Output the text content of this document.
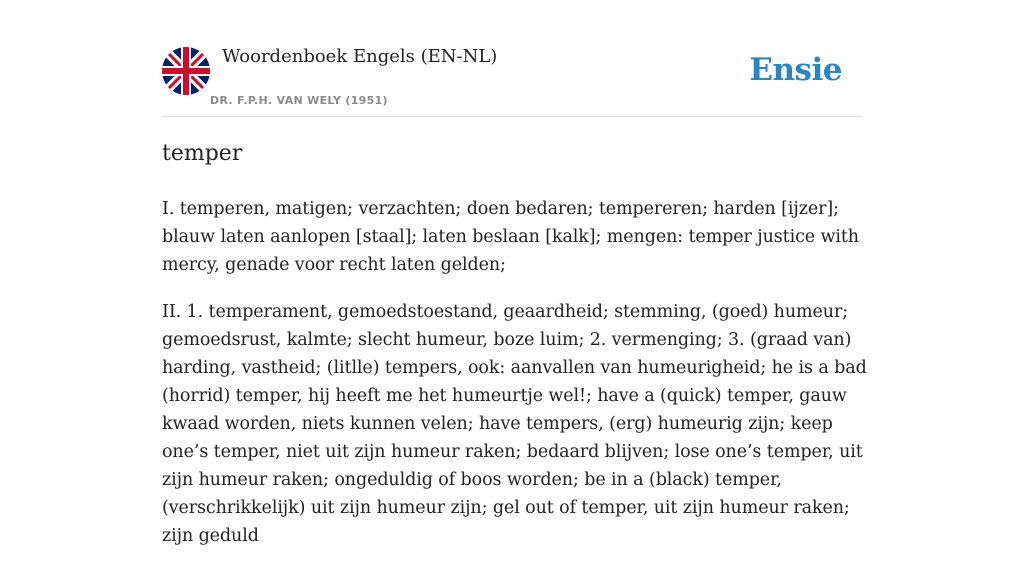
Woordenboek Engels (EN-NL)
DR. F.P.H. VAN WELY (1951)
Ensie
temper

I. temperen, matigen; verzachten; doen bedaren; tempereren; harden [ijzer]; blauw laten aanlopen [staal]; laten beslaan [kalk]; mengen: temper justice with mercy, genade voor recht laten gelden;

II. 1. temperament, gemoedstoestand, geaardheid; stemming, (goed) humeur; gemoedsrust, kalmte; slecht humeur, boze luim; 2. vermenging; 3. (graad van) harding, vastheid; (litlle) tempers, ook: aanvallen van humeurigheid; he is a bad (horrid) temper, hij heeft me het humeurtje wel!; have a (quick) temper, gauw kwaad worden, niets kunnen velen; have tempers, (erg) humeurig zijn; keep one’s temper, niet uit zijn humeur raken; bedaard blijven; lose one’s temper, uit zijn humeur raken; ongeduldig of boos worden; be in a (black) temper, (verschrikkelijk) uit zijn humeur zijn; gel out of temper, uit zijn humeur raken; zijn geduld
